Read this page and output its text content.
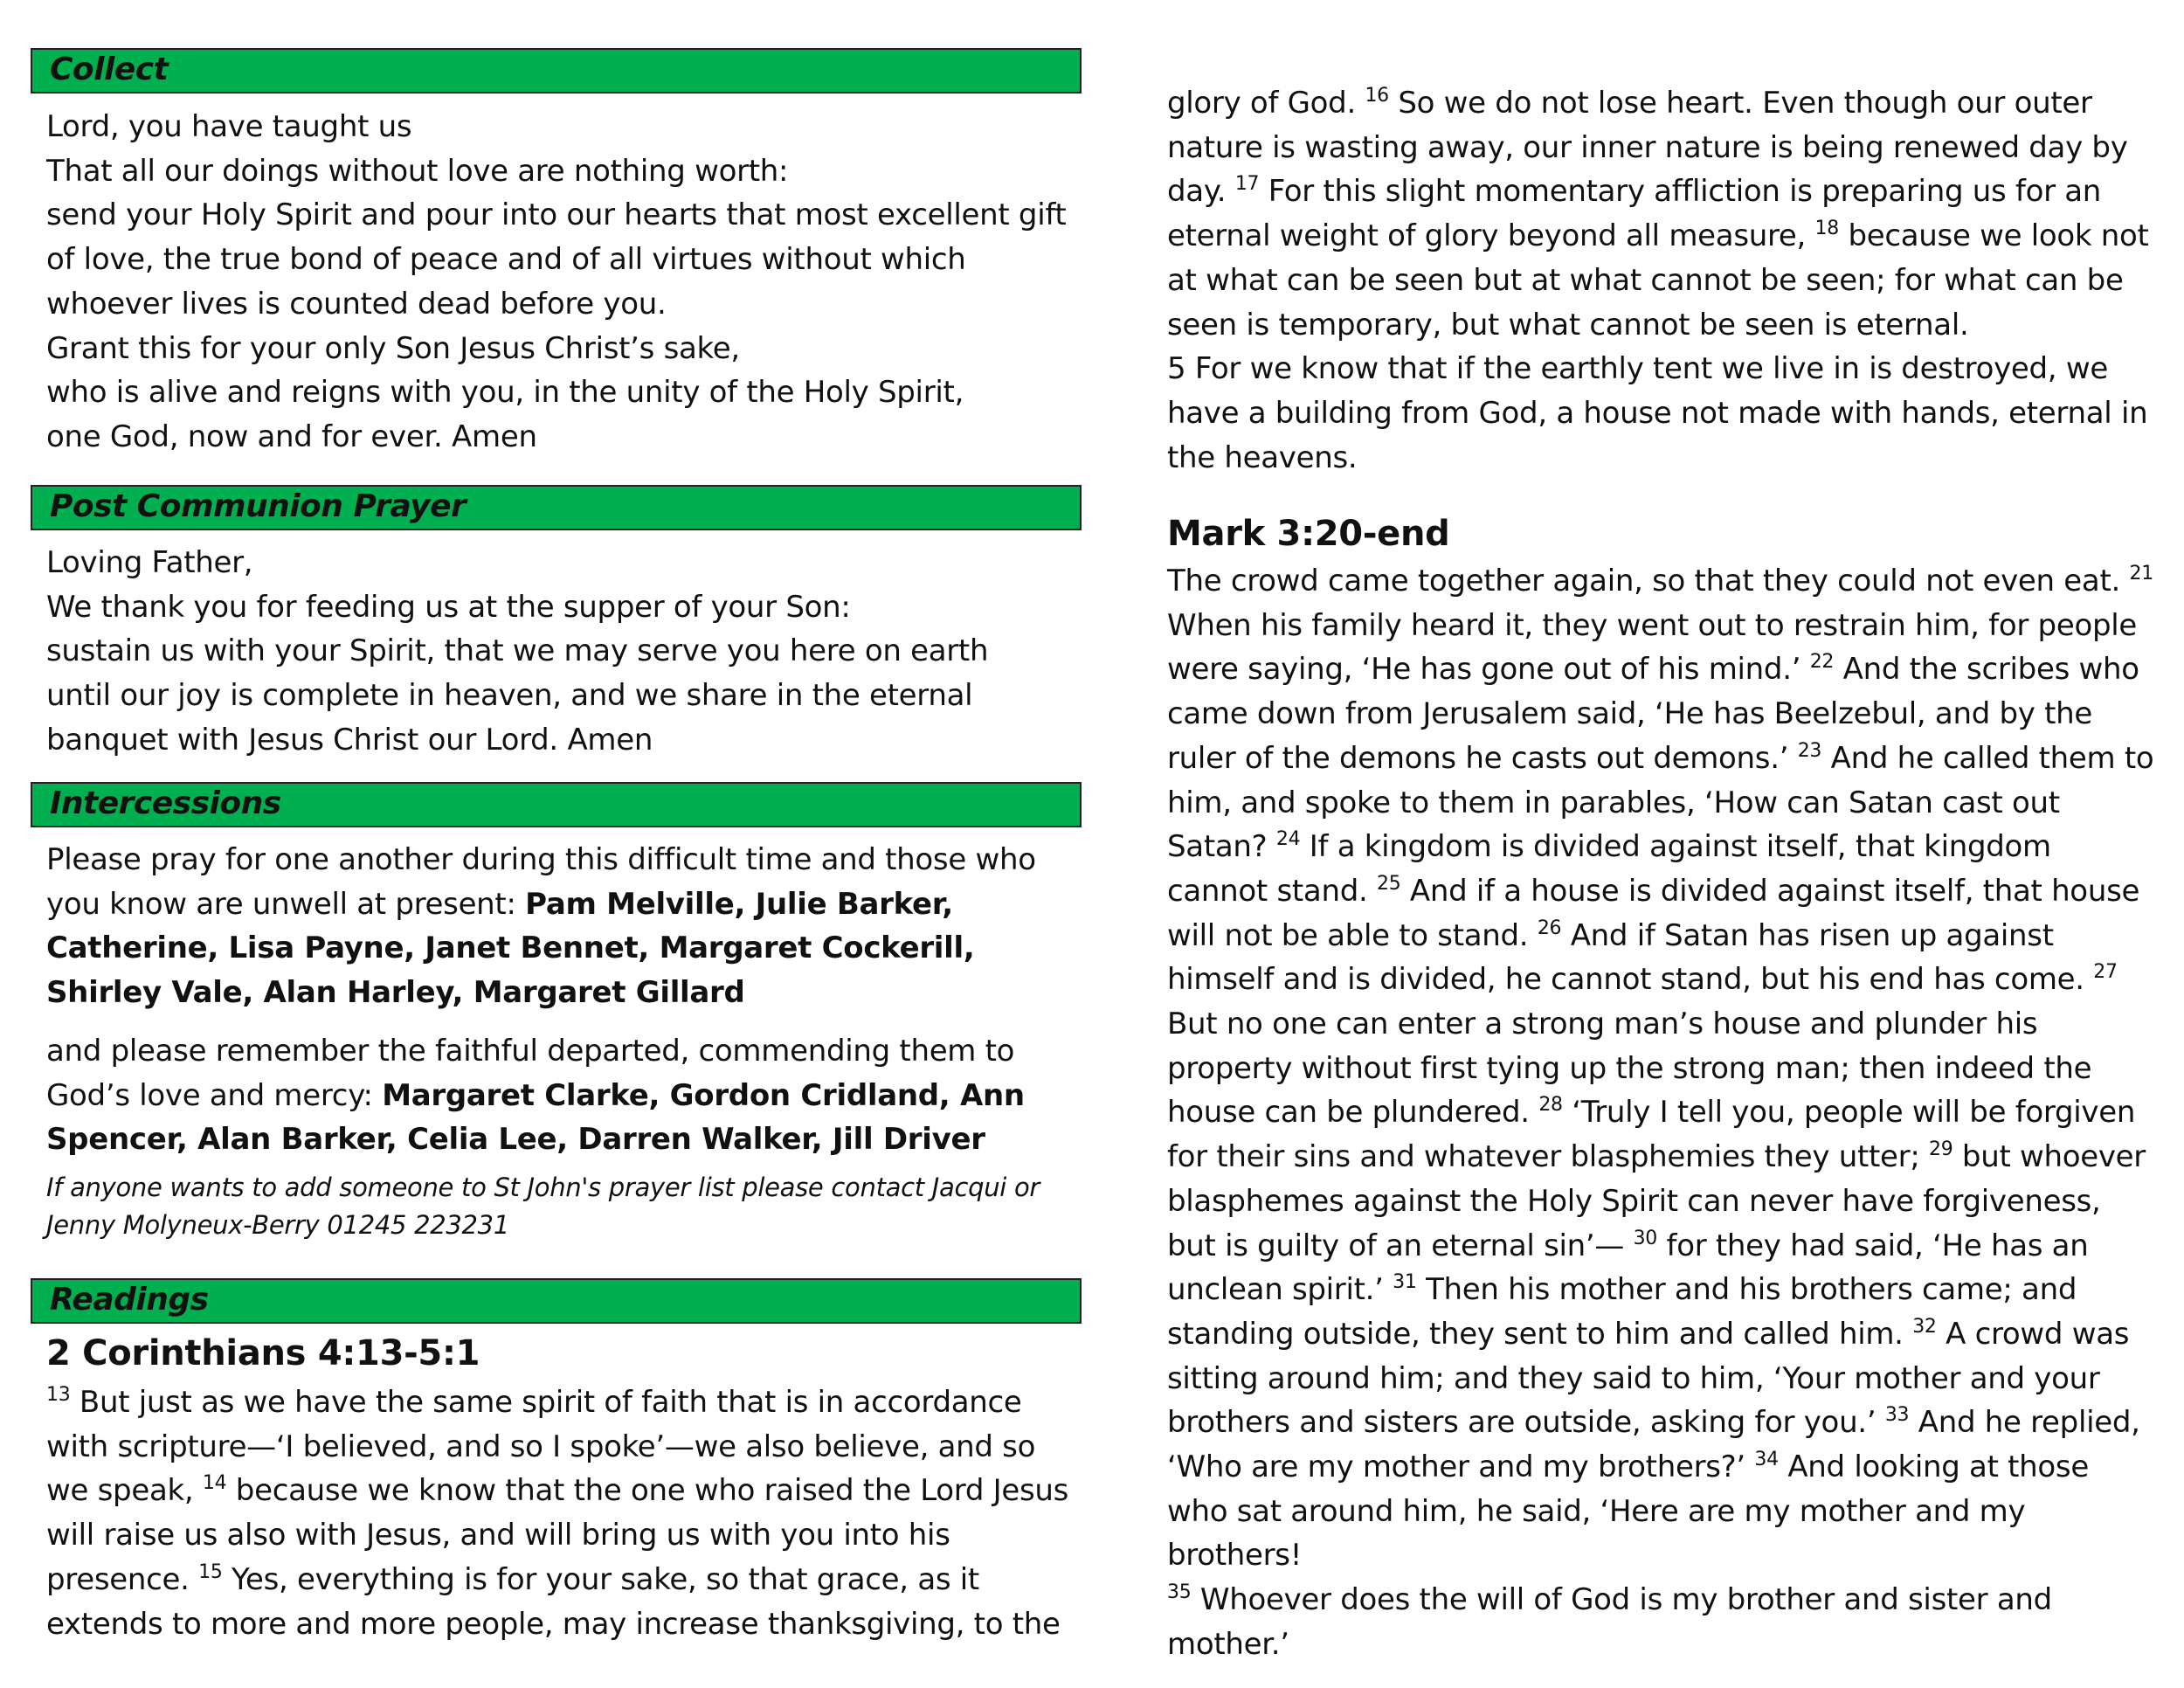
Collect

Lord, you have taught us

That all our doings without love are nothing worth:

send your Holy Spirit and pour into our hearts that most excellent gift

of love, the true bond of peace and of all virtues without which

whoever lives is counted dead before you.

Grant this for your only Son Jesus Christ’s sake,

who is alive and reigns with you, in the unity of the Holy Spirit,

one God, now and for ever. Amen

Post Communion Prayer

Loving Father,

We thank you for feeding us at the supper of your Son:

sustain us with your Spirit, that we may serve you here on earth

until our joy is complete in heaven, and we share in the eternal

banquet with Jesus Christ our Lord. Amen

Intercessions

Please pray for one another during this difficult time and those who you know are unwell at present: Pam Melville, Julie Barker, Catherine, Lisa Payne, Janet Bennet, Margaret Cockerill, Shirley Vale, Alan Harley, Margaret Gillard

and please remember the faithful departed, commending them to God’s love and mercy: Margaret Clarke, Gordon Cridland, Ann Spencer, Alan Barker, Celia Lee, Darren Walker, Jill Driver

If anyone wants to add someone to St John's prayer list please contact Jacqui or
Jenny Molyneux-Berry 01245 223231
Readings
2 Corinthians 4:13-5:1

$^{13}$ But just as we have the same spirit of faith that is in accordance with scripture—‘I believed, and so I spoke’—we also believe, and so we speak, $^{14}$ because we know that the one who raised the Lord Jesus will raise us also with Jesus, and will bring us with you into his presence. $^{15}$ Yes, everything is for your sake, so that grace, as it extends to more and more people, may increase thanksgiving, to the

glory of God. $^{16}$ So we do not lose heart. Even though our outer nature is wasting away, our inner nature is being renewed day by day. $^{17}$ For this slight momentary affliction is preparing us for an eternal weight of glory beyond all measure, $^{18}$ because we look not at what can be seen but at what cannot be seen; for what can be seen is temporary, but what cannot be seen is eternal.

5 For we know that if the earthly tent we live in is destroyed, we have a building from God, a house not made with hands, eternal in the heavens.

Mark 3:20-end

The crowd came together again, so that they could not even eat. $^{21}$ When his family heard it, they went out to restrain him, for people were saying, ‘He has gone out of his mind.’ $^{22}$ And the scribes who came down from Jerusalem said, ‘He has Beelzebul, and by the ruler of the demons he casts out demons.’ $^{23}$ And he called them to him, and spoke to them in parables, ‘How can Satan cast out Satan? $^{24}$ If a kingdom is divided against itself, that kingdom cannot stand. $^{25}$ And if a house is divided against itself, that house will not be able to stand. $^{26}$ And if Satan has risen up against himself and is divided, he cannot stand, but his end has come. $^{27}$ But no one can enter a strong man’s house and plunder his property without first tying up the strong man; then indeed the house can be plundered. $^{28}$ ‘Truly I tell you, people will be forgiven for their sins and whatever blasphemies they utter; $^{29}$ but whoever blasphemes against the Holy Spirit can never have forgiveness, but is guilty of an eternal sin’— $^{30}$ for they had said, ‘He has an unclean spirit.’ $^{31}$ Then his mother and his brothers came; and standing outside, they sent to him and called him. $^{32}$ A crowd was sitting around him; and they said to him, ‘Your mother and your brothers and sisters are outside, asking for you.’ $^{33}$ And he replied, ‘Who are my mother and my brothers?’ $^{34}$ And looking at those who sat around him, he said, ‘Here are my mother and my brothers!
$^{35}$ Whoever does the will of God is my brother and sister and mother.’
